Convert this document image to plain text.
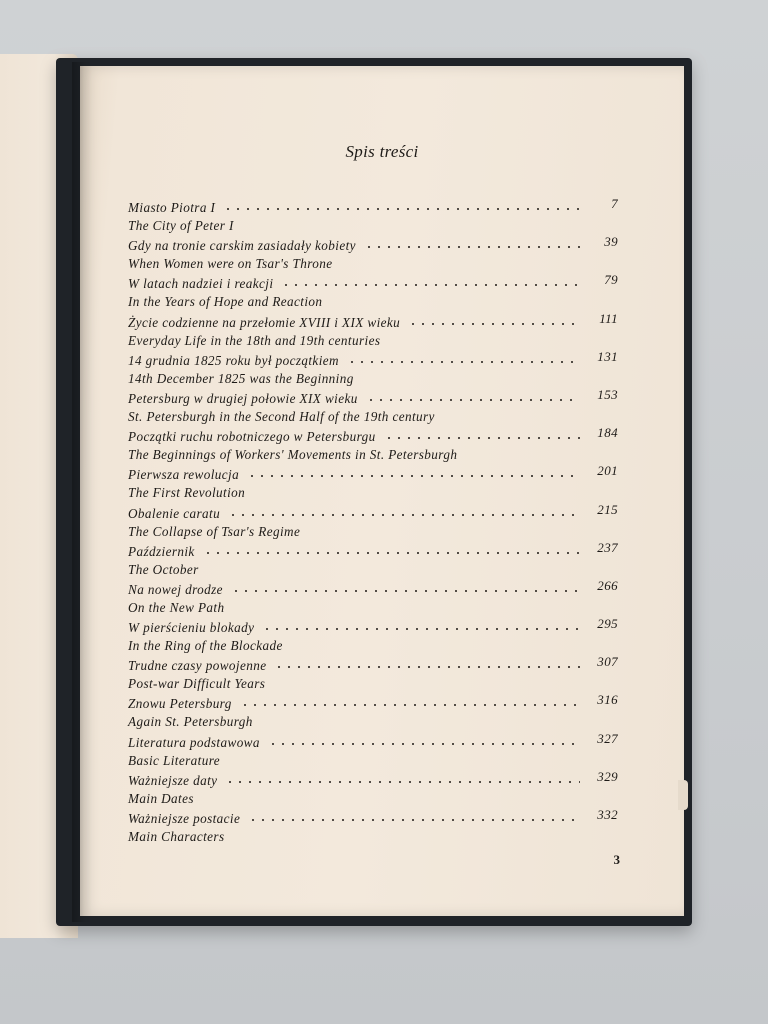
Spis treści
Miasto Piotra I	7
The City of Peter I
Gdy na tronie carskim zasiadały kobiety	39
When Women were on Tsar's Throne
W latach nadziei i reakcji	79
In the Years of Hope and Reaction
Życie codzienne na przełomie XVIII i XIX wieku	111
Everyday Life in the 18th and 19th centuries
14 grudnia 1825 roku był początkiem	131
14th December 1825 was the Beginning
Petersburg w drugiej połowie XIX wieku	153
St. Petersburgh in the Second Half of the 19th century
Początki ruchu robotniczego w Petersburgu	184
The Beginnings of Workers' Movements in St. Petersburgh
Pierwsza rewolucja	201
The First Revolution
Obalenie caratu	215
The Collapse of Tsar's Regime
Październik	237
The October
Na nowej drodze	266
On the New Path
W pierścieniu blokady	295
In the Ring of the Blockade
Trudne czasy powojenne	307
Post-war Difficult Years
Znowu Petersburg	316
Again St. Petersburgh
Literatura podstawowa	327
Basic Literature
Ważniejsze daty	329
Main Dates
Ważniejsze postacie	332
Main Characters
3
